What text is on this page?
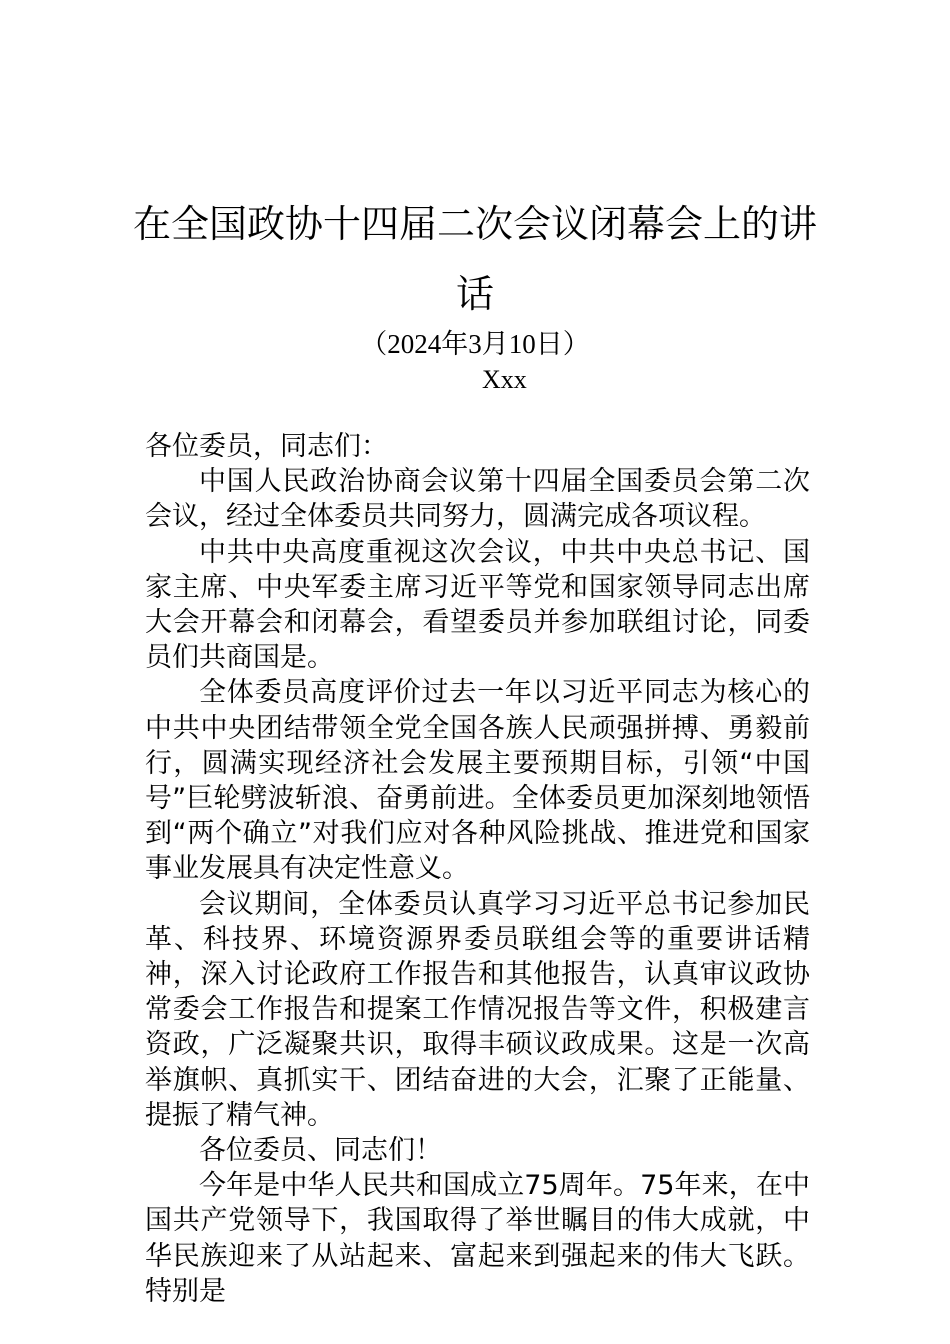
在全国政协十四届二次会议闭幕会上的讲
话
（2024年3月10日）
Xxx

各位委员，同志们：

中国人民政治协商会议第十四届全国委员会第二次会议，经过全体委员共同努力，圆满完成各项议程。

中共中央高度重视这次会议，中共中央总书记、国家主席、中央军委主席习近平等党和国家领导同志出席大会开幕会和闭幕会，看望委员并参加联组讨论，同委员们共商国是。

全体委员高度评价过去一年以习近平同志为核心的中共中央团结带领全党全国各族人民顽强拼搏、勇毅前行，圆满实现经济社会发展主要预期目标，引领“中国号”巨轮劈波斩浪、奋勇前进。全体委员更加深刻地领悟到“两个确立”对我们应对各种风险挑战、推进党和国家事业发展具有决定性意义。

会议期间，全体委员认真学习习近平总书记参加民革、科技界、环境资源界委员联组会等的重要讲话精神，深入讨论政府工作报告和其他报告，认真审议政协常委会工作报告和提案工作情况报告等文件，积极建言资政，广泛凝聚共识，取得丰硕议政成果。这是一次高举旗帜、真抓实干、团结奋进的大会，汇聚了正能量、提振了精气神。

各位委员、同志们！

今年是中华人民共和国成立75周年。75年来，在中国共产党领导下，我国取得了举世瞩目的伟大成就，中华民族迎来了从站起来、富起来到强起来的伟大飞跃。特别是
